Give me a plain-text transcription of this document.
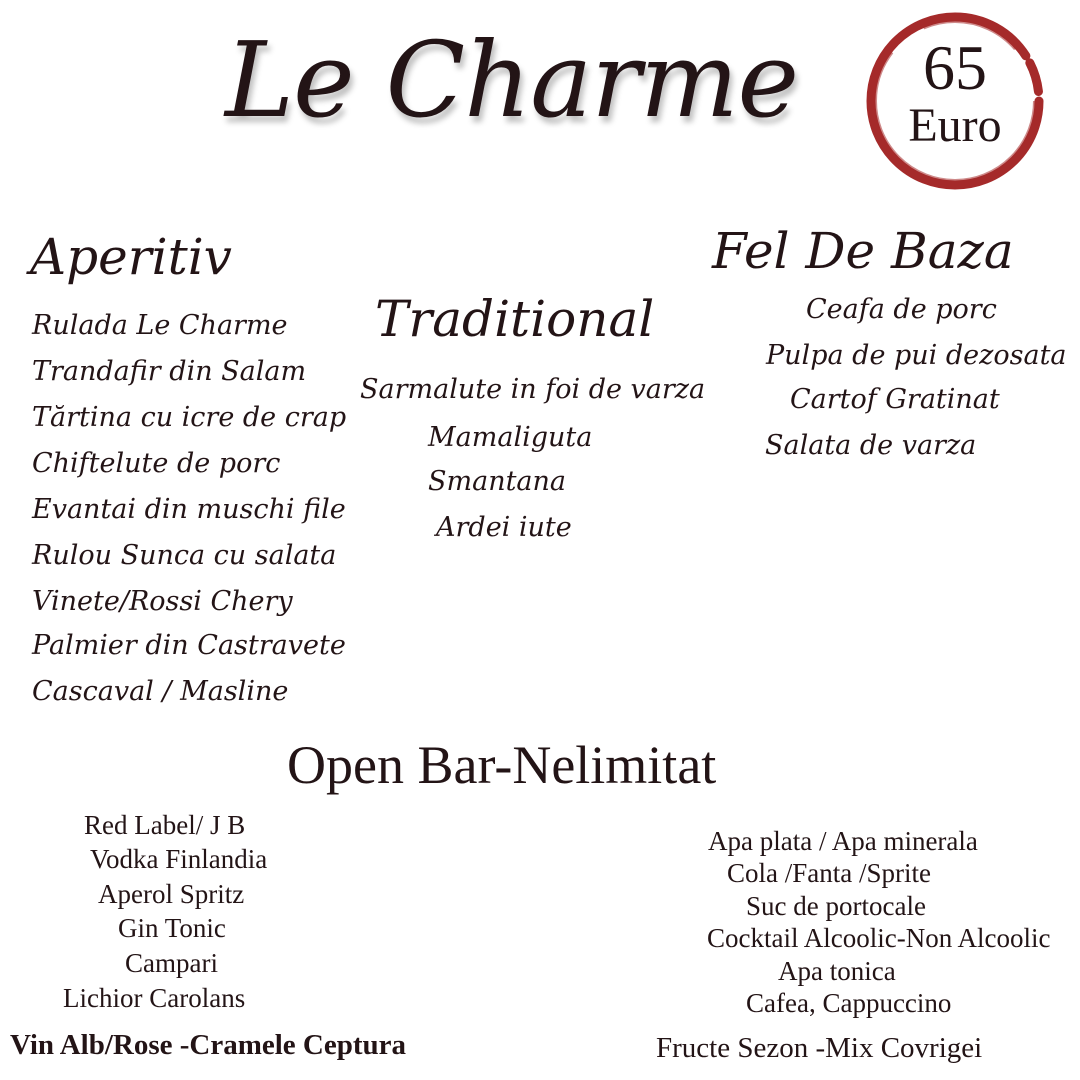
Le Charme	65
Euro
Aperitiv
Rulada Le Charme
Trandafir din Salam
Tărtina cu icre de crap
Chiftelute de porc
Evantai din muschi file
Rulou Sunca cu salata
Vinete/Rossi Chery
Palmier din Castravete
Cascaval / Masline
Traditional
Sarmalute in foi de varza
Mamaliguta
Smantana
Ardei iute
Fel De Baza
Ceafa de porc
Pulpa de pui dezosata
Cartof Gratinat
Salata de varza
Open Bar-Nelimitat
Red Label/ J B
Vodka Finlandia
Aperol Spritz
Gin Tonic
Campari
Lichior Carolans
Apa plata / Apa minerala
Cola /Fanta /Sprite
Suc de portocale
Cocktail Alcoolic-Non Alcoolic
Apa tonica
Cafea, Cappuccino
Vin Alb/Rose -Cramele Ceptura	Fructe Sezon -Mix Covrigei
